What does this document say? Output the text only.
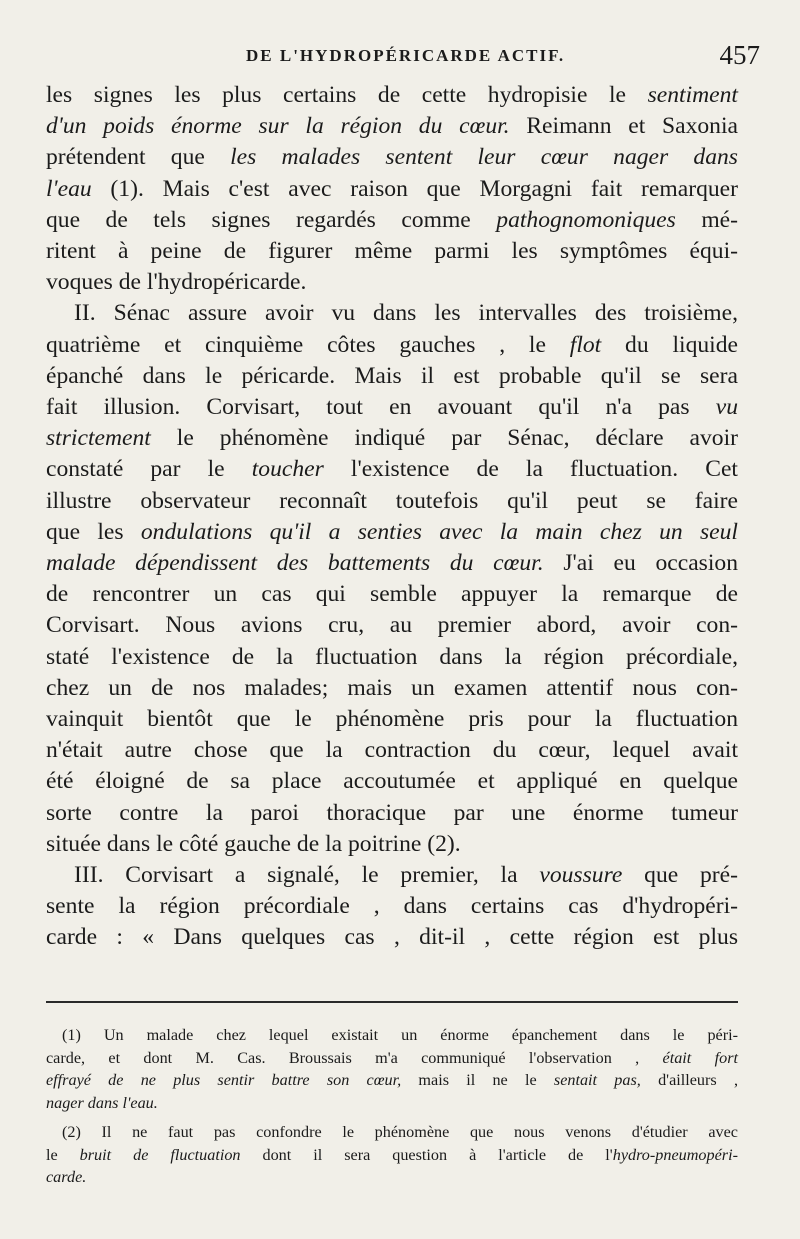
DE L'HYDROPÉRICARDE ACTIF.	457
les signes les plus certains de cette hydropisie le sentiment
d'un poids énorme sur la région du cœur. Reimann et Saxonia
prétendent que les malades sentent leur cœur nager dans
l'eau (1). Mais c'est avec raison que Morgagni fait remarquer
que de tels signes regardés comme pathognomoniques mé-
ritent à peine de figurer même parmi les symptômes équi-
voques de l'hydropéricarde.
II. Sénac assure avoir vu dans les intervalles des troisième,
quatrième et cinquième côtes gauches , le flot du liquide
épanché dans le péricarde. Mais il est probable qu'il se sera
fait illusion. Corvisart, tout en avouant qu'il n'a pas vu
strictement le phénomène indiqué par Sénac, déclare avoir
constaté par le toucher l'existence de la fluctuation. Cet
illustre observateur reconnaît toutefois qu'il peut se faire
que les ondulations qu'il a senties avec la main chez un seul
malade dépendissent des battements du cœur. J'ai eu occasion
de rencontrer un cas qui semble appuyer la remarque de
Corvisart. Nous avions cru, au premier abord, avoir con-
staté l'existence de la fluctuation dans la région précordiale,
chez un de nos malades; mais un examen attentif nous con-
vainquit bientôt que le phénomène pris pour la fluctuation
n'était autre chose que la contraction du cœur, lequel avait
été éloigné de sa place accoutumée et appliqué en quelque
sorte contre la paroi thoracique par une énorme tumeur
située dans le côté gauche de la poitrine (2).
III. Corvisart a signalé, le premier, la voussure que pré-
sente la région précordiale , dans certains cas d'hydropéri-
carde : « Dans quelques cas , dit-il , cette région est plus
(1) Un malade chez lequel existait un énorme épanchement dans le péri-
carde, et dont M. Cas. Broussais m'a communiqué l'observation , était fort
effrayé de ne plus sentir battre son cœur, mais il ne le sentait pas, d'ailleurs ,
nager dans l'eau.
(2) Il ne faut pas confondre le phénomène que nous venons d'étudier avec
le bruit de fluctuation dont il sera question à l'article de l'hydro-pneumopéri-
carde.
